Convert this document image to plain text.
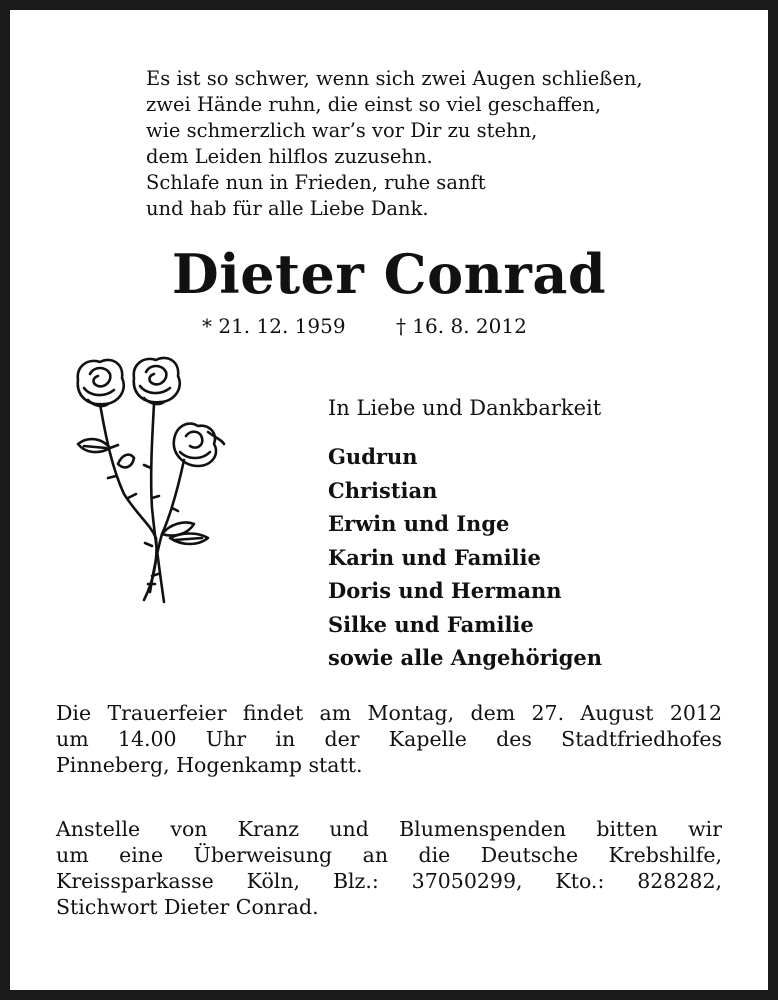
Es ist so schwer, wenn sich zwei Augen schließen,
zwei Hände ruhn, die einst so viel geschaffen,
wie schmerzlich war’s vor Dir zu stehn,
dem Leiden hilflos zuzusehn.
Schlafe nun in Frieden, ruhe sanft
und hab für alle Liebe Dank.
Dieter Conrad
* 21. 12. 1959	† 16. 8. 2012
In Liebe und Dankbarkeit
Gudrun
Christian
Erwin und Inge
Karin und Familie
Doris und Hermann
Silke und Familie
sowie alle Angehörigen
Die Trauerfeier findet am Montag, dem 27. August 2012
um 14.00 Uhr in der Kapelle des Stadtfriedhofes
Pinneberg, Hogenkamp statt.
Anstelle von Kranz und Blumenspenden bitten wir
um eine Überweisung an die Deutsche Krebshilfe,
Kreissparkasse Köln, Blz.: 37050299, Kto.: 828282,
Stichwort Dieter Conrad.
